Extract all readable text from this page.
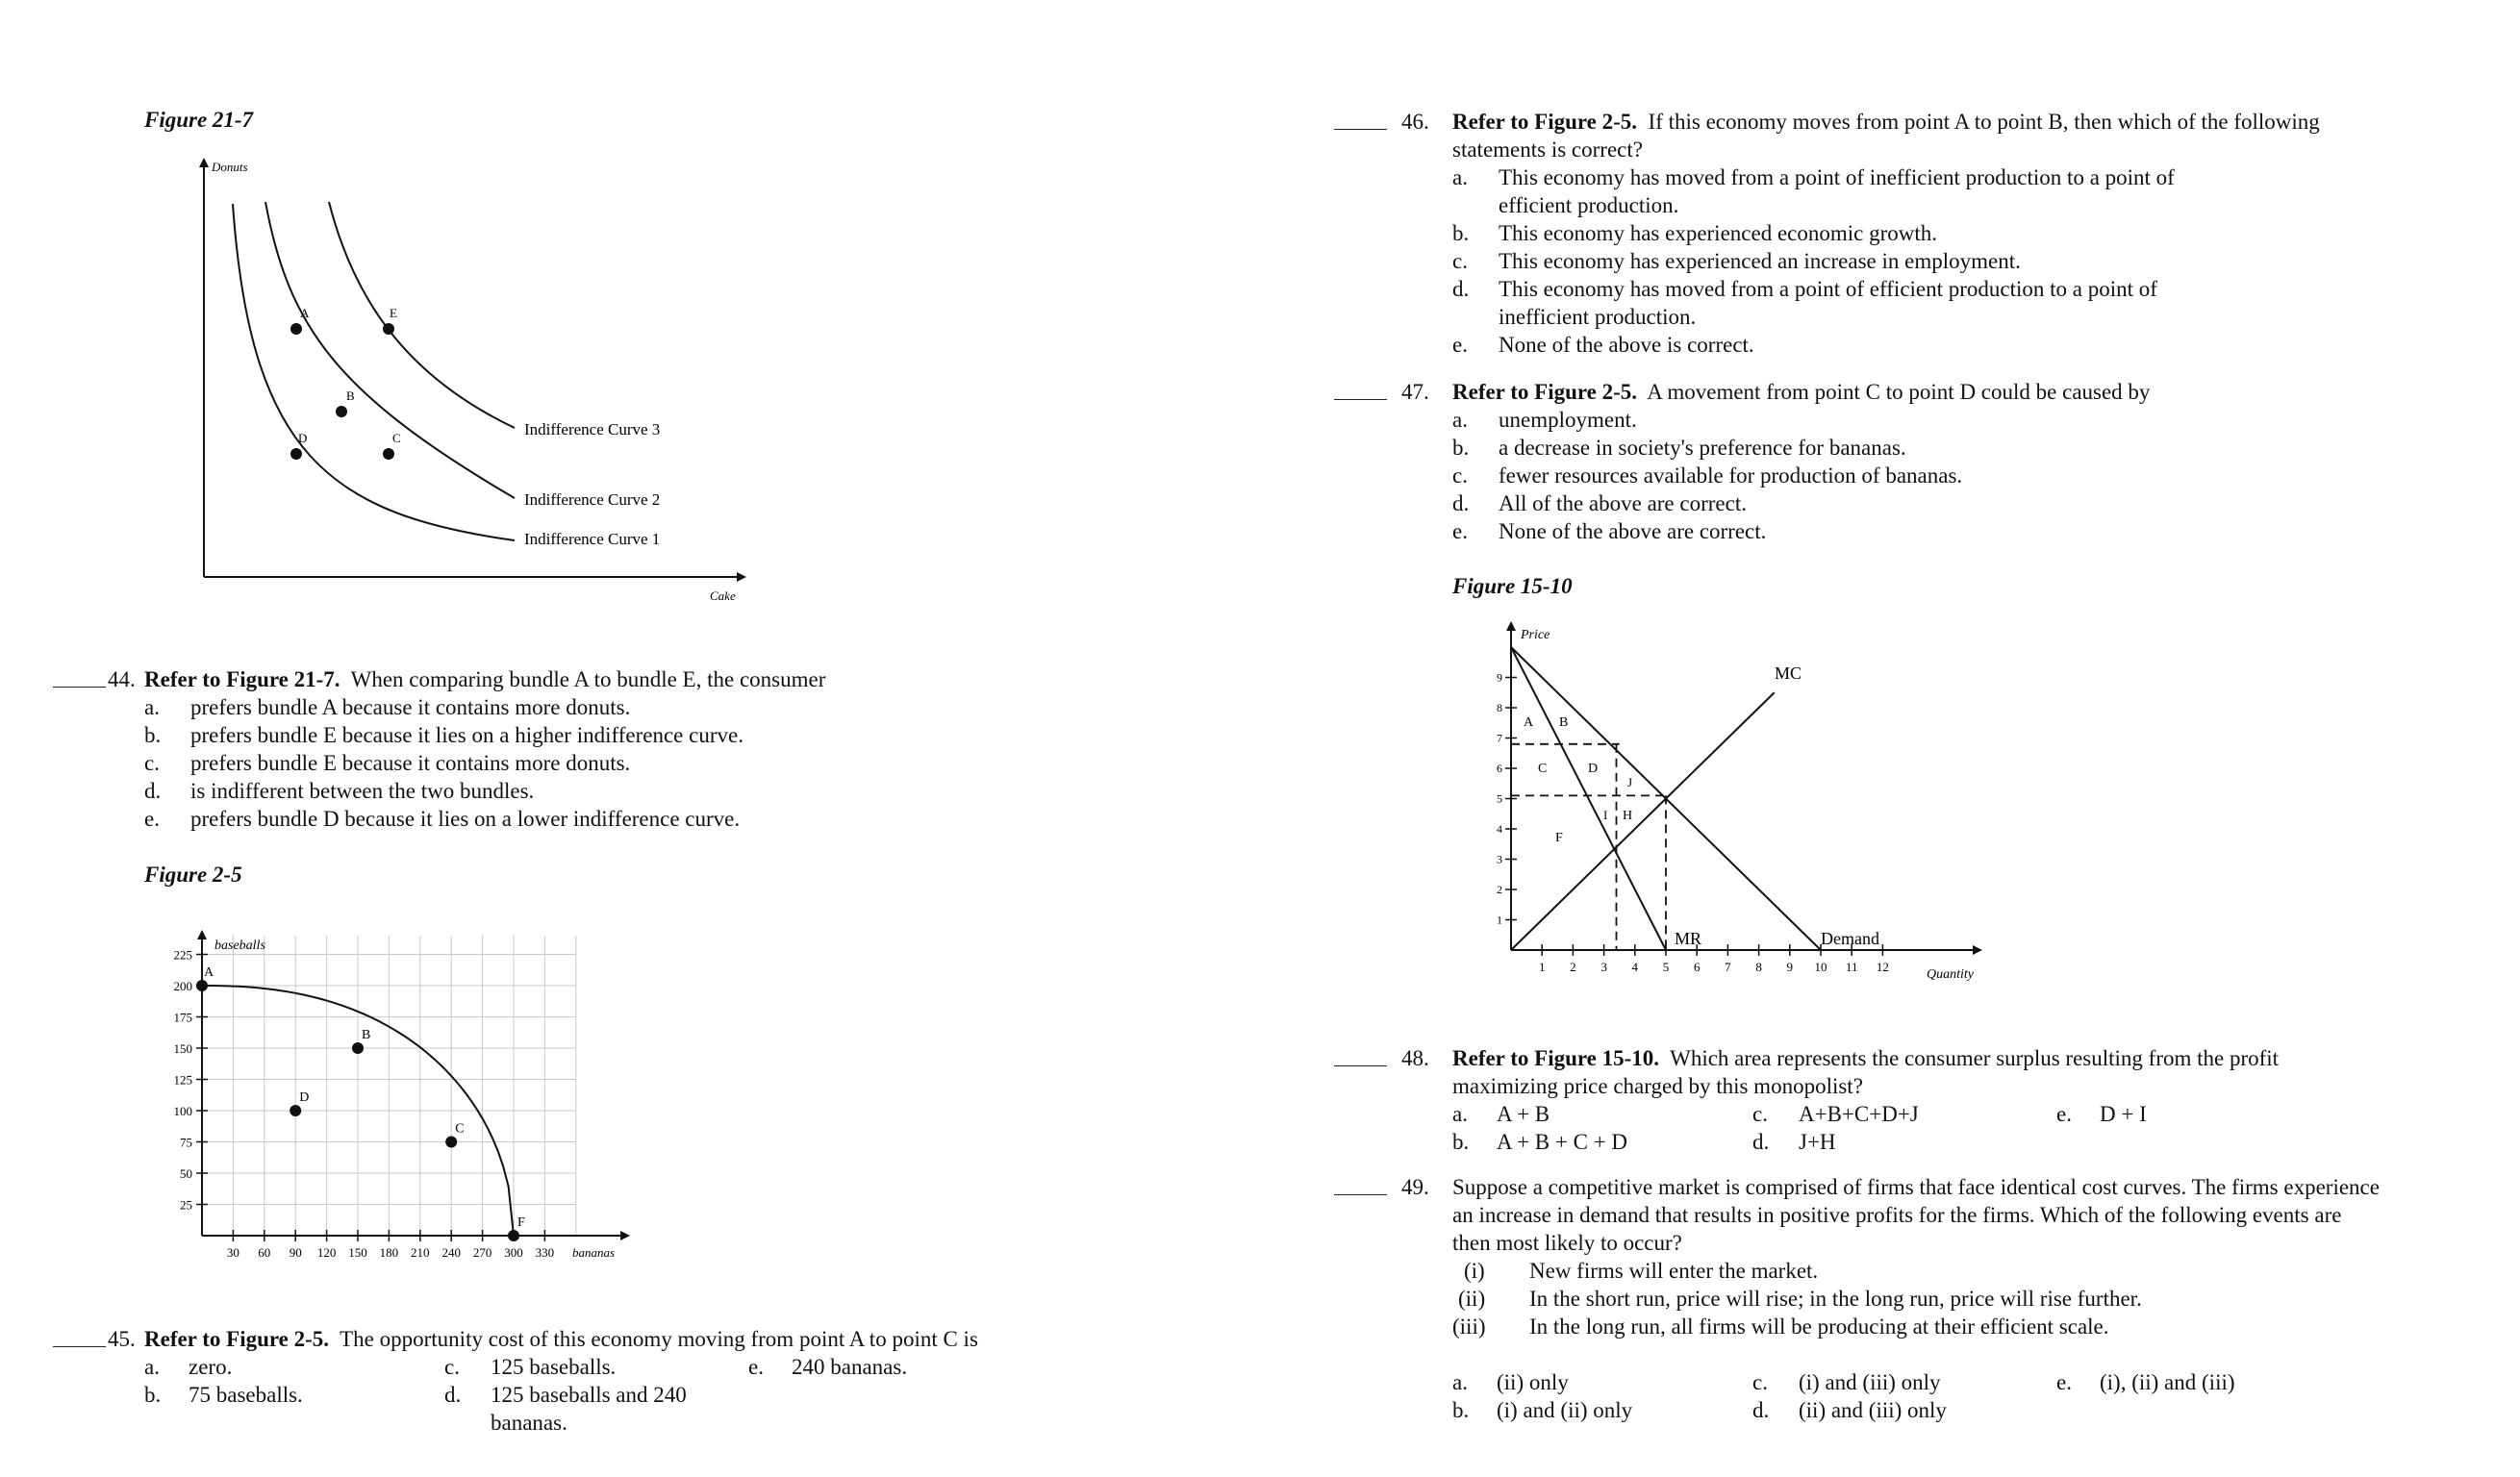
Figure 21-7
Donuts
Cake
Indifference Curve 3
Indifference Curve 2
Indifference Curve 1
A	E
B
D	C
44. Refer to Figure 21-7. When comparing bundle A to bundle E, the consumer
a. prefers bundle A because it contains more donuts.
b. prefers bundle E because it lies on a higher indifference curve.
c. prefers bundle E because it contains more donuts.
d. is indifferent between the two bundles.
e. prefers bundle D because it lies on a lower indifference curve.
Figure 2-5
225
200
175
150
125
100
75
50
25
30 60 90 120 150 180 210 240 270 300 330
baseballs
bananas
A
B
C
D
F
45. Refer to Figure 2-5. The opportunity cost of this economy moving from point A to point C is
a. zero.	c. 125 baseballs.	e. 240 bananas.
b. 75 baseballs.	d. 125 baseballs and 240
bananas.
46. Refer to Figure 2-5. If this economy moves from point A to point B, then which of the following
statements is correct?
a. This economy has moved from a point of inefficient production to a point of
efficient production.
b. This economy has experienced economic growth.
c. This economy has experienced an increase in employment.
d. This economy has moved from a point of efficient production to a point of
inefficient production.
e. None of the above is correct.
47. Refer to Figure 2-5. A movement from point C to point D could be caused by
a. unemployment.
b. a decrease in society's preference for bananas.
c. fewer resources available for production of bananas.
d. All of the above are correct.
e. None of the above are correct.
Figure 15-10
9
8
7
6
5
4
3
2
1
1 2 3 4 5 6 7 8 9 10 11 12
Price
Quantity
MC
MR	Demand
A B
C	D
J
I H
F
48. Refer to Figure 15-10. Which area represents the consumer surplus resulting from the profit
maximizing price charged by this monopolist?
a. A + B	c. A+B+C+D+J	e. D + I
b. A + B + C + D	d. J+H
49. Suppose a competitive market is comprised of firms that face identical cost curves. The firms experience
an increase in demand that results in positive profits for the firms. Which of the following events are
then most likely to occur?
(i) New firms will enter the market.
(ii) In the short run, price will rise; in the long run, price will rise further.
(iii) In the long run, all firms will be producing at their efficient scale.
a. (ii) only	c. (i) and (iii) only	e. (i), (ii) and (iii)
b. (i) and (ii) only	d. (ii) and (iii) only
